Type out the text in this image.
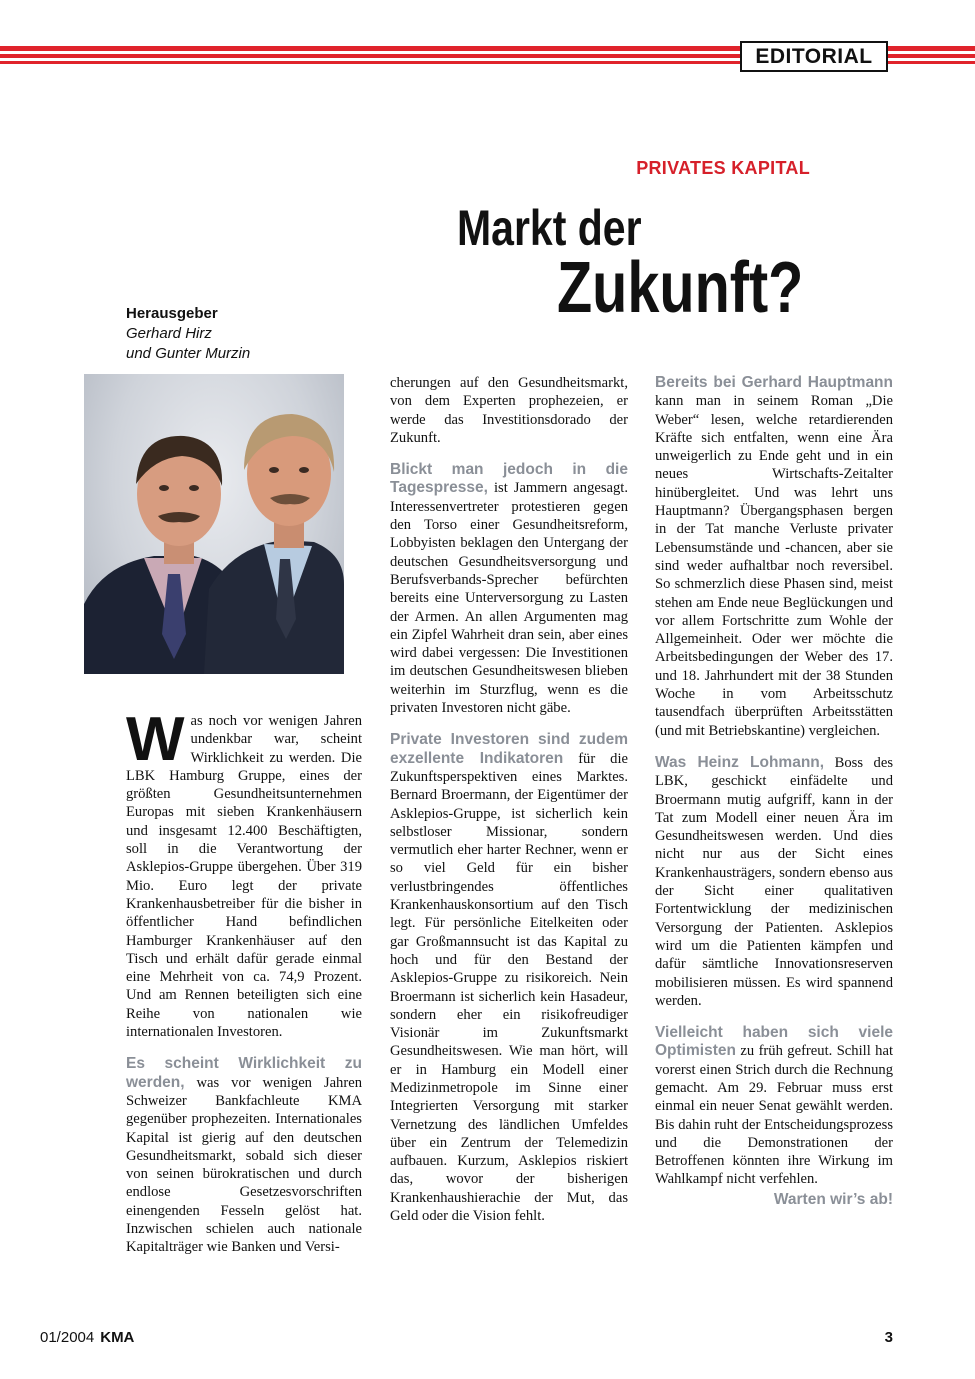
EDITORIAL
PRIVATES KAPITAL
Markt der
Zukunft?
Herausgeber
Gerhard Hirz
und Gunter Murzin

Was noch vor wenigen Jahren undenkbar war, scheint Wirklichkeit zu werden. Die LBK Hamburg Gruppe, eines der größten Gesundheitsunternehmen Europas mit sieben Krankenhäusern und insgesamt 12.400 Beschäftigten, soll in die Verantwortung der Asklepios-Gruppe übergehen. Über 319 Mio. Euro legt der private Krankenhausbetreiber für die bisher in öffentlicher Hand befindlichen Hamburger Krankenhäuser auf den Tisch und erhält dafür gerade einmal eine Mehrheit von ca. 74,9 Prozent. Und am Rennen beteiligten sich eine Reihe von nationalen wie internationalen Investoren.

Es scheint Wirklichkeit zu werden, was vor wenigen Jahren Schweizer Bankfachleute KMA gegenüber prophezeiten. Internationales Kapital ist gierig auf den deutschen Gesundheitsmarkt, sobald sich dieser von seinen bürokratischen und durch endlose Gesetzesvorschriften einengenden Fesseln gelöst hat. Inzwischen schielen auch nationale Kapitalträger wie Banken und Versi-

cherungen auf den Gesundheitsmarkt, von dem Experten prophezeien, er werde das Investitionsdorado der Zukunft.

Blickt man jedoch in die Tagespresse, ist Jammern angesagt. Interessenvertreter protestieren gegen den Torso einer Gesundheitsreform, Lobbyisten beklagen den Untergang der deutschen Gesundheitsversorgung und Berufsverbands-Sprecher befürchten bereits eine Unterversorgung zu Lasten der Armen. An allen Argumenten mag ein Zipfel Wahrheit dran sein, aber eines wird dabei vergessen: Die Investitionen im deutschen Gesundheitswesen blieben weiterhin im Sturzflug, wenn es die privaten Investoren nicht gäbe.

Private Investoren sind zudem exzellente Indikatoren für die Zukunftsperspektiven eines Marktes. Bernard Broermann, der Eigentümer der Asklepios-Gruppe, ist sicherlich kein selbstloser Missionar, sondern vermutlich eher harter Rechner, wenn er so viel Geld für ein bisher verlustbringendes öffentliches Krankenhauskonsortium auf den Tisch legt. Für persönliche Eitelkeiten oder gar Großmannsucht ist das Kapital zu hoch und für den Bestand der Asklepios-Gruppe zu risikoreich. Nein Broermann ist sicherlich kein Hasadeur, sondern eher ein risikofreudiger Visionär im Zukunftsmarkt Gesundheitswesen. Wie man hört, will er in Hamburg ein Modell einer Medizinmetropole im Sinne einer Integrierten Versorgung mit starker Vernetzung des ländlichen Umfeldes über ein Zentrum der Telemedizin aufbauen. Kurzum, Asklepios riskiert das, wovor der bisherigen Krankenhaushierachie der Mut, das Geld oder die Vision fehlt.

Bereits bei Gerhard Hauptmann kann man in seinem Roman „Die Weber“ lesen, welche retardierenden Kräfte sich entfalten, wenn eine Ära unweigerlich zu Ende geht und in ein neues Wirtschafts-Zeitalter hinübergleitet. Und was lehrt uns Hauptmann? Übergangsphasen bergen in der Tat manche Verluste privater Lebensumstände und -chancen, aber sie sind weder aufhaltbar noch reversibel. So schmerzlich diese Phasen sind, meist stehen am Ende neue Beglückungen und vor allem Fortschritte zum Wohle der Allgemeinheit. Oder wer möchte die Arbeitsbedingungen der Weber des 17. und 18. Jahrhundert mit der 38 Stunden Woche in vom Arbeitsschutz tausendfach überprüften Arbeitsstätten (und mit Betriebskantine) vergleichen.

Was Heinz Lohmann, Boss des LBK, geschickt einfädelte und Broermann mutig aufgriff, kann in der Tat zum Modell einer neuen Ära im Gesundheitswesen werden. Und dies nicht nur aus der Sicht eines Krankenhausträgers, sondern ebenso aus der Sicht einer qualitativen Fortentwicklung der medizinischen Versorgung der Patienten. Asklepios wird um die Patienten kämpfen und dafür sämtliche Innovationsreserven mobilisieren müssen. Es wird spannend werden.

Vielleicht haben sich viele Optimisten zu früh gefreut. Schill hat vorerst einen Strich durch die Rechnung gemacht. Am 29. Februar muss erst einmal ein neuer Senat gewählt werden. Bis dahin ruht der Entscheidungsprozess und die Demonstrationen der Betroffenen könnten ihre Wirkung im Wahlkampf nicht verfehlen.

Warten wir’s ab!
01/2004 KMA	3
